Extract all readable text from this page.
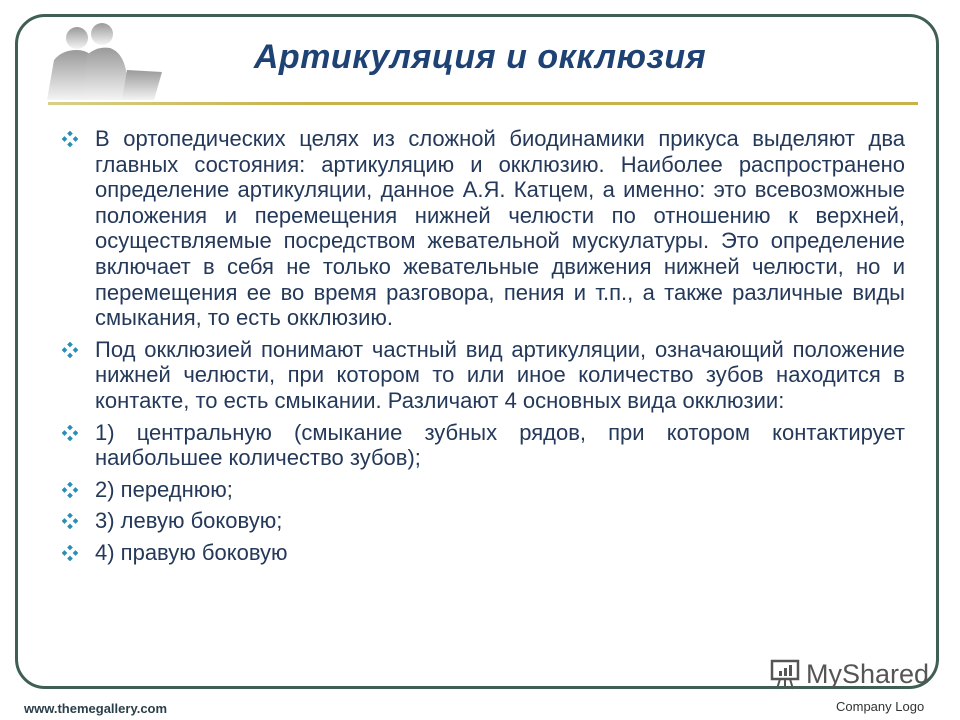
Артикуляция и окклюзия
В ортопедических целях из сложной биодинамики прикуса выделяют два главных состояния: артикуляцию и окклюзию. Наиболее распространено определение артикуляции, данное А.Я. Катцем, а именно: это всевозможные положения и перемещения нижней челюсти по отношению к верхней, осуществляемые посредством жевательной мускулатуры. Это определение включает в себя не только жевательные движения нижней челюсти, но и перемещения ее во время разговора, пения и т.п., а также различные виды смыкания, то есть окклюзию.
Под окклюзией понимают частный вид артикуляции, означающий положение нижней челюсти, при котором то или иное количество зубов находится в контакте, то есть смыкании. Различают 4 основных вида окклюзии:
1) центральную (смыкание зубных рядов, при котором контактирует наибольшее количество зубов);
2) переднюю;
3) левую боковую;
4) правую боковую
MyShared
www.themegallery.com	Company Logo
